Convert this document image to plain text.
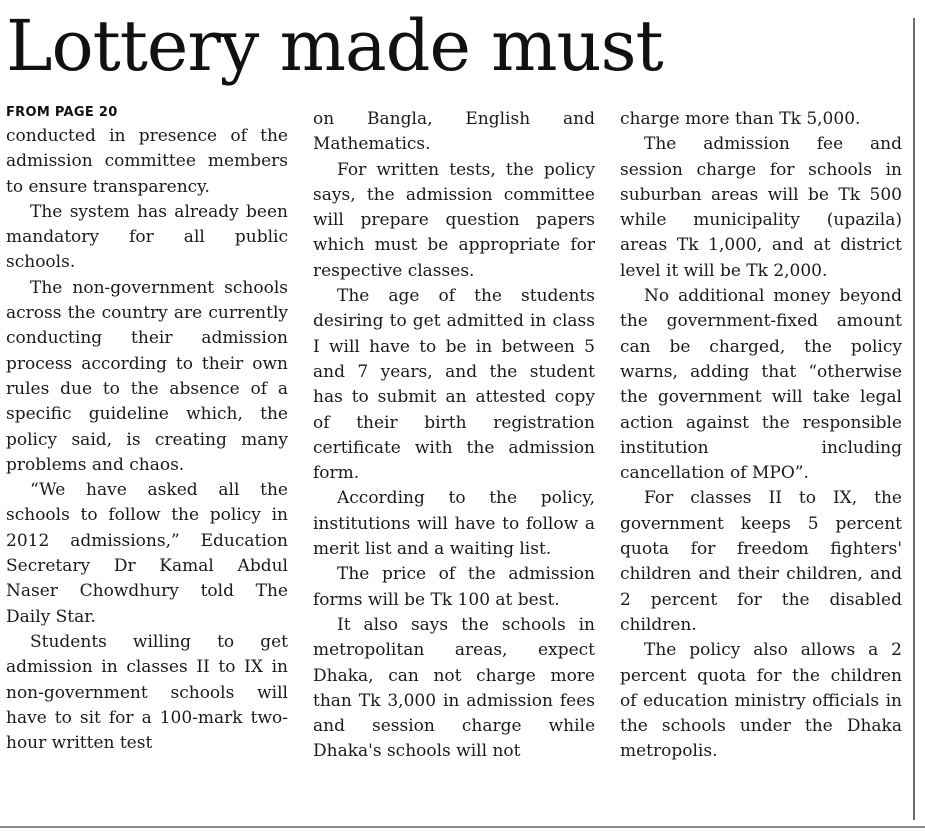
Lottery made must
FROM PAGE 20

conducted in presence of the admission committee members to ensure transparency.

The system has already been mandatory for all public schools.

The non-government schools across the country are currently conducting their admission process according to their own rules due to the absence of a specific guideline which, the policy said, is creating many problems and chaos.

“We have asked all the schools to follow the policy in 2012 admissions,” Education Secretary Dr Kamal Abdul Naser Chowdhury told The Daily Star.

Students willing to get admission in classes II to IX in non-government schools will have to sit for a 100-mark two-hour written test

on Bangla, English and Mathematics.

For written tests, the policy says, the admission committee will prepare question papers which must be appropriate for respective classes.

The age of the students desiring to get admitted in class I will have to be in between 5 and 7 years, and the student has to submit an attested copy of their birth registration certificate with the admission form.

According to the policy, institutions will have to follow a merit list and a waiting list.

The price of the admission forms will be Tk 100 at best.

It also says the schools in metropolitan areas, expect Dhaka, can not charge more than Tk 3,000 in admission fees and session charge while Dhaka's schools will not

charge more than Tk 5,000.

The admission fee and session charge for schools in suburban areas will be Tk 500 while municipality (upazila) areas Tk 1,000, and at district level it will be Tk 2,000.

No additional money beyond the government-fixed amount can be charged, the policy warns, adding that “otherwise the government will take legal action against the responsible institution including cancellation of MPO”.

For classes II to IX, the government keeps 5 percent quota for freedom fighters' children and their children, and 2 percent for the disabled children.

The policy also allows a 2 percent quota for the children of education ministry officials in the schools under the Dhaka metropolis.
